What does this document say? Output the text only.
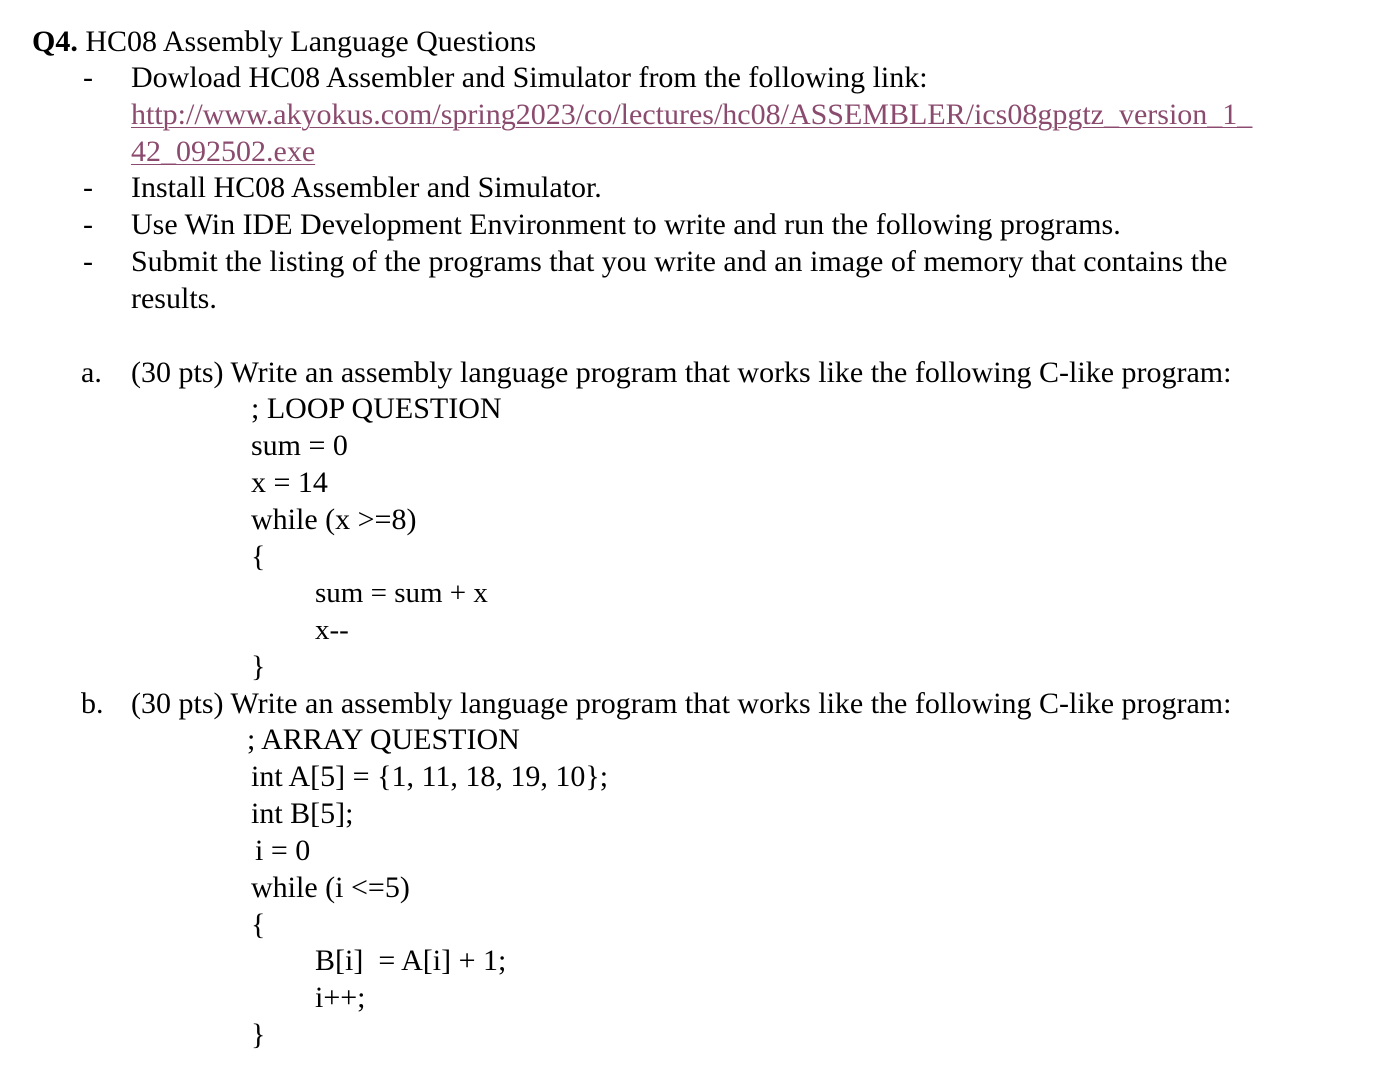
Q4. HC08 Assembly Language Questions
- Dowload HC08 Assembler and Simulator from the following link:
http://www.akyokus.com/spring2023/co/lectures/hc08/ASSEMBLER/ics08gpgtz_version_1_
42_092502.exe
- Install HC08 Assembler and Simulator.
- Use Win IDE Development Environment to write and run the following programs.
- Submit the listing of the programs that you write and an image of memory that contains the
results.
a. (30 pts) Write an assembly language program that works like the following C-like program:
; LOOP QUESTION
sum = 0
x = 14
while (x >=8)
{
sum = sum + x
x--
}
b. (30 pts) Write an assembly language program that works like the following C-like program:
; ARRAY QUESTION
int A[5] = {1, 11, 18, 19, 10};
int B[5];
i = 0
while (i <=5)
{
B[i]  = A[i] + 1;
i++;
}
